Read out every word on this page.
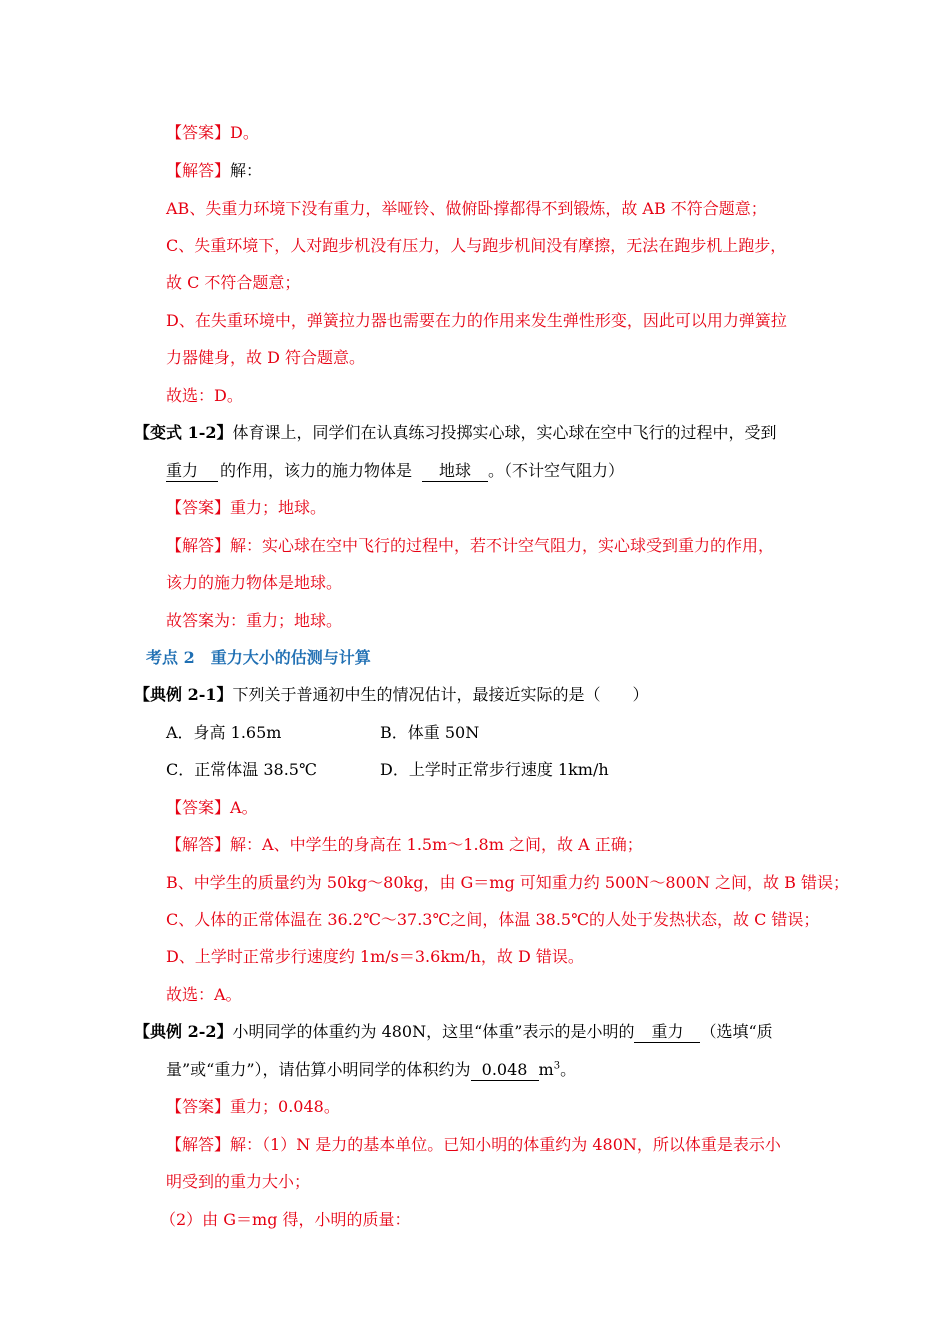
【答案】D。
【解答】解：
AB、失重力环境下没有重力，举哑铃、做俯卧撑都得不到锻炼，故 AB 不符合题意；
C、失重环境下，人对跑步机没有压力，人与跑步机间没有摩擦，无法在跑步机上跑步，
故 C 不符合题意；
D、在失重环境中，弹簧拉力器也需要在力的作用来发生弹性形变，因此可以用力弹簧拉
力器健身，故 D 符合题意。
故选：D。
【变式 1-2】体育课上，同学们在认真练习投掷实心球，实心球在空中飞行的过程中，受到
重力 的作用，该力的施力物体是 地球 。（不计空气阻力）
【答案】重力；地球。
【解答】解：实心球在空中飞行的过程中，若不计空气阻力，实心球受到重力的作用，
该力的施力物体是地球。
故答案为：重力；地球。
考点 2 重力大小的估测与计算
【典例 2-1】下列关于普通初中生的情况估计，最接近实际的是（　　）
A．身高 1.65m	B．体重 50N
C．正常体温 38.5℃	D．上学时正常步行速度 1km/h
【答案】A。
【解答】解：A、中学生的身高在 1.5m～1.8m 之间，故 A 正确；
B、中学生的质量约为 50kg～80kg，由 G＝mg 可知重力约 500N～800N 之间，故 B 错误；
C、人体的正常体温在 36.2℃～37.3℃之间，体温 38.5℃的人处于发热状态，故 C 错误；
D、上学时正常步行速度约 1m/s＝3.6km/h，故 D 错误。
故选：A。
【典例 2-2】小明同学的体重约为 480N，这里“体重”表示的是小明的 重力 （选填“质
量”或“重力”），请估算小明同学的体积约为 0.048 $m^3$。
【答案】重力；0.048。
【解答】解：（1）N 是力的基本单位。已知小明的体重约为 480N，所以体重是表示小
明受到的重力大小；
（2）由 G＝mg 得，小明的质量：
